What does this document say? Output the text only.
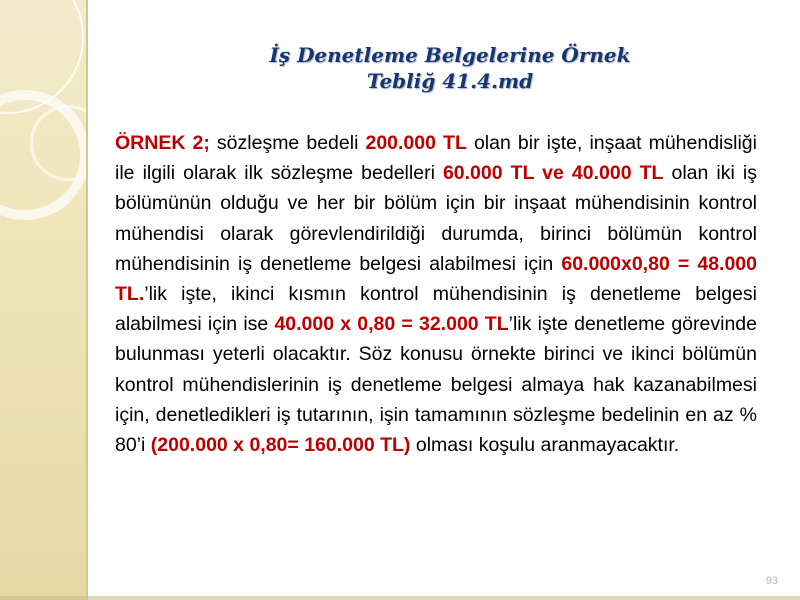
İş Denetleme Belgelerine Örnek
Tebliğ 41.4.md

ÖRNEK 2; sözleşme bedeli 200.000 TL olan bir işte, inşaat mühendisliği ile ilgili olarak ilk sözleşme bedelleri 60.000 TL ve 40.000 TL olan iki iş bölümünün olduğu ve her bir bölüm için bir inşaat mühendisinin kontrol mühendisi olarak görevlendirildiği durumda, birinci bölümün kontrol mühendisinin iş denetleme belgesi alabilmesi için 60.000x0,80 = 48.000 TL.’lik işte, ikinci kısmın kontrol mühendisinin iş denetleme belgesi alabilmesi için ise 40.000 x 0,80 = 32.000 TL’lik işte denetleme görevinde bulunması yeterli olacaktır. Söz konusu örnekte birinci ve ikinci bölümün kontrol mühendislerinin iş denetleme belgesi almaya hak kazanabilmesi için, denetledikleri iş tutarının, işin tamamının sözleşme bedelinin en az % 80’i (200.000 x 0,80= 160.000 TL) olması koşulu aranmayacaktır.

93
